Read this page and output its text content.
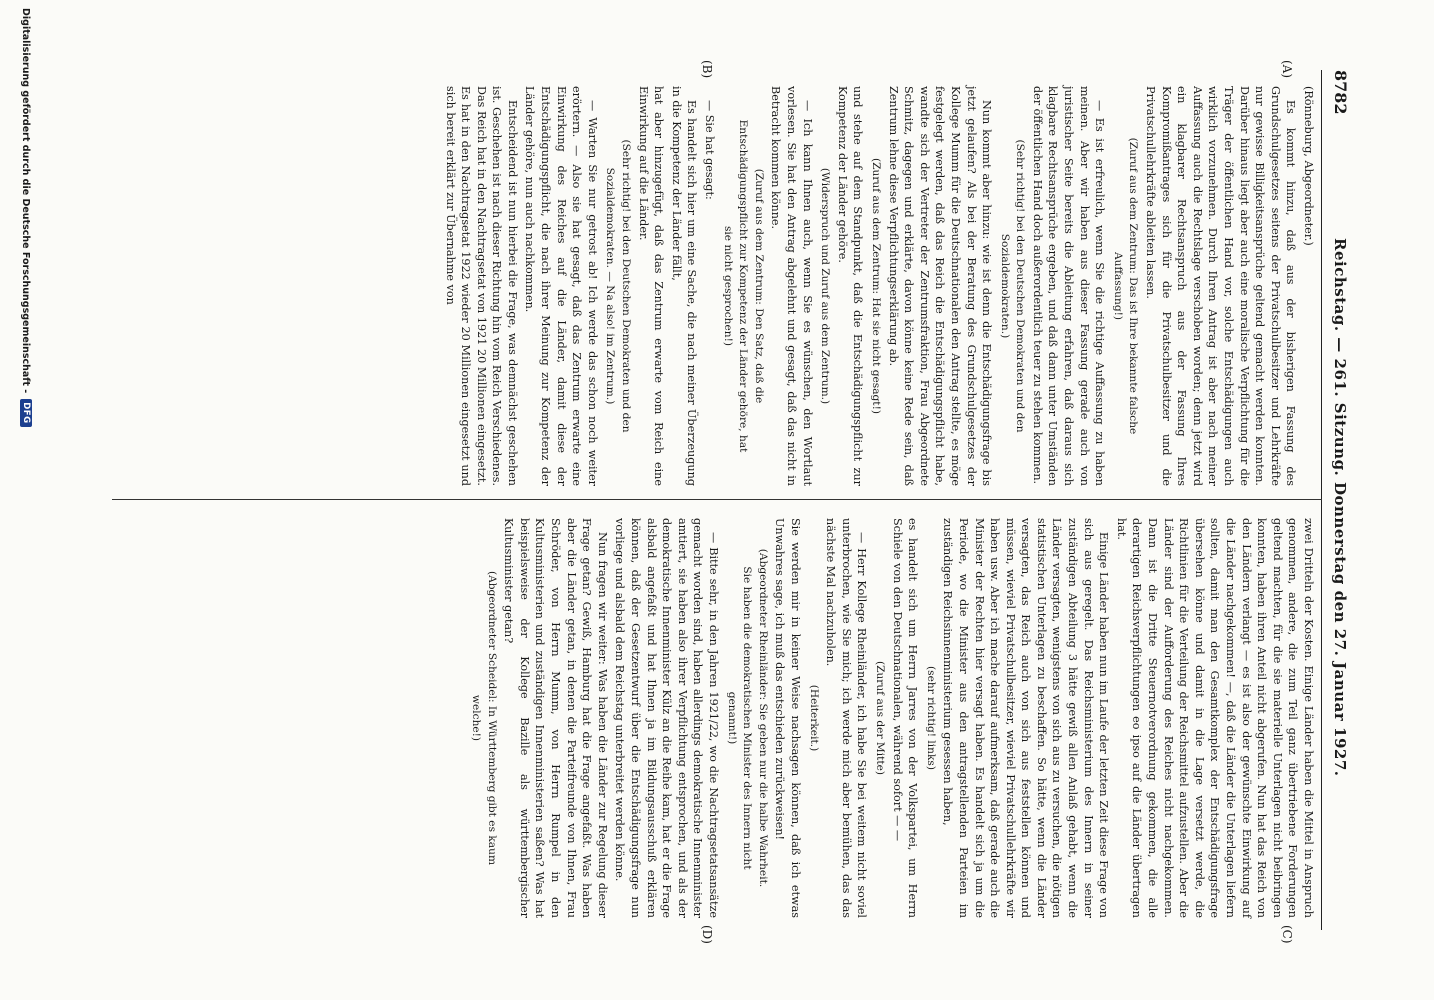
8782
Reichstag. — 261. Sitzung. Donnerstag den 27. Januar 1927.
(A)
(B)
(C)
(D)

(Rönneburg, Abgeordneter.)

Es kommt hinzu, daß aus der bisherigen Fassung des Grundschulgesetzes seitens der Privatschulbesitzer und Lehrkräfte nur gewisse Billigkeitsansprüche geltend gemacht werden konnten. Darüber hinaus liegt aber auch eine moralische Verpflichtung für die Träger der öffentlichen Hand vor, solche Entschädigungen auch wirklich vorzunehmen. Durch Ihren Antrag ist aber nach meiner Auffassung auch die Rechtslage verschoben worden; denn jetzt wird ein klagbarer Rechtsanspruch aus der Fassung Ihres Kompromißantrages sich für die Privatschulbesitzer und die Privatschullehrkräfte ableiten lassen.

(Zuruf aus dem Zentrum: Das ist Ihre bekannte falsche Auffassung!)

— Es ist erfreulich, wenn Sie die richtige Auffassung zu haben meinen. Aber wir haben aus dieser Fassung gerade auch von juristischer Seite bereits die Ableitung erfahren, daß daraus sich klagbare Rechtsansprüche ergeben, und daß dann unter Umständen der öffentlichen Hand doch außerordentlich teuer zu stehen kommen.

(Sehr richtig! bei den Deutschen Demokraten und den Sozialdemokraten.)

Nun kommt aber hinzu: wie ist denn die Entschädigungsfrage bis jetzt gelaufen? Als bei der Beratung des Grundschulgesetzes der Kollege Mumm für die Deutschnationalen den Antrag stellte, es möge festgelegt werden, daß das Reich die Entschädigungspflicht habe, wandte sich der Vertreter der Zentrumsfraktion, Frau Abgeordnete Schmitz, dagegen und erklärte, davon könne keine Rede sein, daß Zentrum lehne diese Verpflichtungserklärung ab.

(Zuruf aus dem Zentrum: Hat sie nicht gesagt!)

und stehe auf dem Standpunkt, daß die Entschädigungspflicht zur Kompetenz der Länder gehöre.

(Widerspruch und Zuruf aus dem Zentrum.)

— Ich kann Ihnen auch, wenn Sie es wünschen, den Wortlaut vorlesen. Sie hat den Antrag abgelehnt und gesagt, daß das nicht in Betracht kommen könne.

(Zuruf aus dem Zentrum: Den Satz, daß die Entschädigungspflicht zur Kompetenz der Länder gehöre, hat sie nicht gesprochen!)

— Sie hat gesagt:

Es handelt sich hier um eine Sache, die nach meiner Überzeugung in die Kompetenz der Länder fällt,

hat aber hinzugefügt, daß das Zentrum erwarte vom Reich eine Einwirkung auf die Länder.

(Sehr richtig! bei den Deutschen Demokraten und den Sozialdemokraten. — Na also! im Zentrum.)

— Warten Sie nur getrost ab! Ich werde das schon noch weiter erörtern. — Also sie hat gesagt, daß das Zentrum erwarte eine Einwirkung des Reiches auf die Länder, damit diese der Entschädigungspflicht, die nach ihrer Meinung zur Kompetenz der Länder gehöre, nun auch nachkommen.

Entscheidend ist nun hierbei die Frage, was demnächst geschehen ist. Geschehen ist nach dieser Richtung hin vom Reich Verschiedenes. Das Reich hat in den Nachtragsetat von 1921 20 Millionen eingesetzt. Es hat in den Nachtragsetat 1922 wieder 20 Millionen eingesetzt und sich bereit erklärt zur Übernahme von

zwei Dritteln der Kosten. Einige Länder haben die Mittel in Anspruch genommen, andere, die zum Teil ganz übertriebene Forderungen geltend machten, für die sie materielle Unterlagen nicht beibringen konnten, haben ihren Anteil nicht abgerufen. Nun hat das Reich von den Ländern verlangt — es ist also der gewünschte Einwirkung auf die Länder nachgekommen! —, daß die Länder die Unterlagen liefern sollten, damit man den Gesamtkomplex der Entschädigungsfrage übersehen könne und damit in die Lage versetzt werde, die Richtlinien für die Verteilung der Reichsmittel aufzustellen. Aber die Länder sind der Aufforderung des Reiches nicht nachgekommen. Dann ist die Dritte Steuernotverordnung gekommen, die alle derartigen Reichsverpflichtungen eo ipso auf die Länder übertragen hat.

Einige Länder haben nun im Laufe der letzten Zeit diese Frage von sich aus geregelt. Das Reichsministerium des Innern in seiner zuständigen Abteilung 3 hätte gewiß allen Anlaß gehabt, wenn die Länder versagten, wenigstens von sich aus zu versuchen, die nötigen statistischen Unterlagen zu beschaffen. So hätte, wenn die Länder versagten, das Reich auch von sich aus feststellen können und müssen, wieviel Privatschulbesitzer, wieviel Privatschullehrkräfte wir haben usw. Aber ich mache darauf aufmerksam, daß gerade auch die Minister der Rechten hier versagt haben. Es handelt sich ja um die Periode, wo die Minister aus den antragstellenden Parteien im zuständigen Reichsinnenministerium gesessen haben,

(sehr richtig! links)

es handelt sich um Herrn Jarres von der Volkspartei, um Herrn Schiele von den Deutschnationalen, während sofort — —

(Zuruf aus der Mitte)

— Herr Kollege Rheinländer, ich habe Sie bei weitem nicht soviel unterbrochen, wie Sie mich; ich werde mich aber bemühen, das das nächste Mal nachzuholen.

(Heiterkeit.)

Sie werden mir in keiner Weise nachsagen können, daß ich etwas Unwahres sage, ich muß das entschieden zurückweisen!

(Abgeordneter Rheinländer: Sie geben nur die halbe Wahrheit. Sie haben die demokratischen Minister des Innern nicht genannt!)

— Bitte sehr, in den Jahren 1921/22, wo die Nachtragsetatsansätze gemacht worden sind, haben allerdings demokratische Innenminister amtiert, sie haben also ihrer Verpflichtung entsprochen, und als der demokratische Innenminister Külz an die Reihe kam, hat er die Frage alsbald angefaßt und hat Ihnen ja im Bildungsausschuß erklären können, daß der Gesetzentwurf über die Entschädigungsfrage nun vorliege und alsbald dem Reichstag unterbreitet werden könne.

Nun fragen wir weiter: Was haben die Länder zur Regelung dieser Frage getan? Gewiß, Hamburg hat die Frage angefaßt. Was haben aber die Länder getan, in denen die Parteifreunde von Ihnen, Frau Schröder, von Herrn Mumm, von Herrn Rumpel in den Kultusministerien und zuständigen Innenministerien saßen? Was hat beispielsweise der Kollege Bazille als württembergischer Kultusminister getan?

(Abgeordneter Scheidel: In Württemberg gibt es kaum welche!)

Digitalisierung gefördert durch die Deutsche Forschungsgemeinschaft -
DFG
